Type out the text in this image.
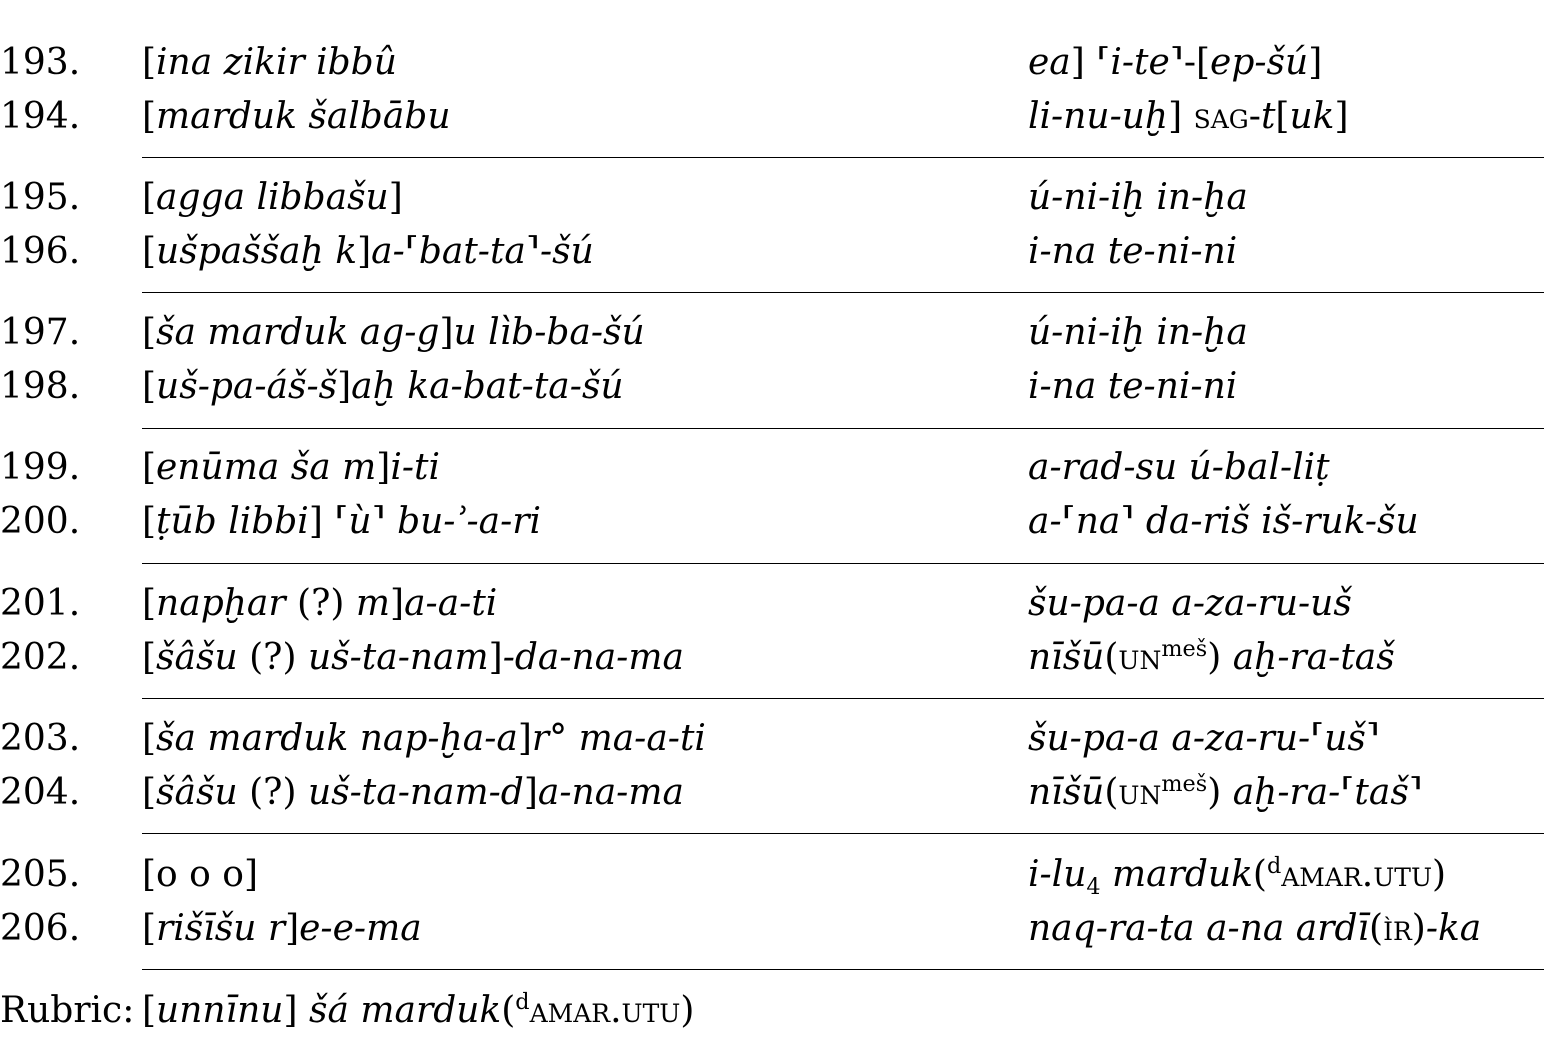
193. [ina zikir ibbû	ea] ⸢i-te⸣-[ep-šú]
194. [marduk šalbābu	li-nu-uḫ] sag-t[uk]
195. [agga libbašu]	ú-ni-iḫ in-ḫa
196. [ušpaššaḫ k]a-⸢bat-ta⸣-šú	i-na te-ni-ni
197. [ša marduk ag-g]u lìb-ba-šú	ú-ni-iḫ in-ḫa
198. [uš-pa-áš-š]aḫ ka-bat-ta-šú	i-na te-ni-ni
199. [enūma ša m]i-ti	a-rad-su ú-bal-liṭ
200. [ṭūb libbi] ⸢ù⸣ bu-ʾ-a-ri	a-⸢na⸣ da-riš iš-ruk-šu
201. [napḫar (?) m]a-a-ti	šu-pa-a a-za-ru-uš
202. [šâšu (?) uš-ta-nam]-da-na-ma	$nīšū(un^{meš})$ aḫ-ra-taš
203. [ša marduk nap-ḫa-a]r° ma-a-ti	šu-pa-a a-za-ru-⸢uš⸣
204. [šâšu (?) uš-ta-nam-d]a-na-ma	$nīšū(un^{meš})$ aḫ-ra-⸢taš⸣
205. [o o o]	$i-lu_4$ marduk($^d$amar.utu)
206. [rišīšu r]e-e-ma	naq-ra-ta a-na ardī(ìr)-ka
Rubric: [unnīnu] šá marduk($^d$amar.utu)
